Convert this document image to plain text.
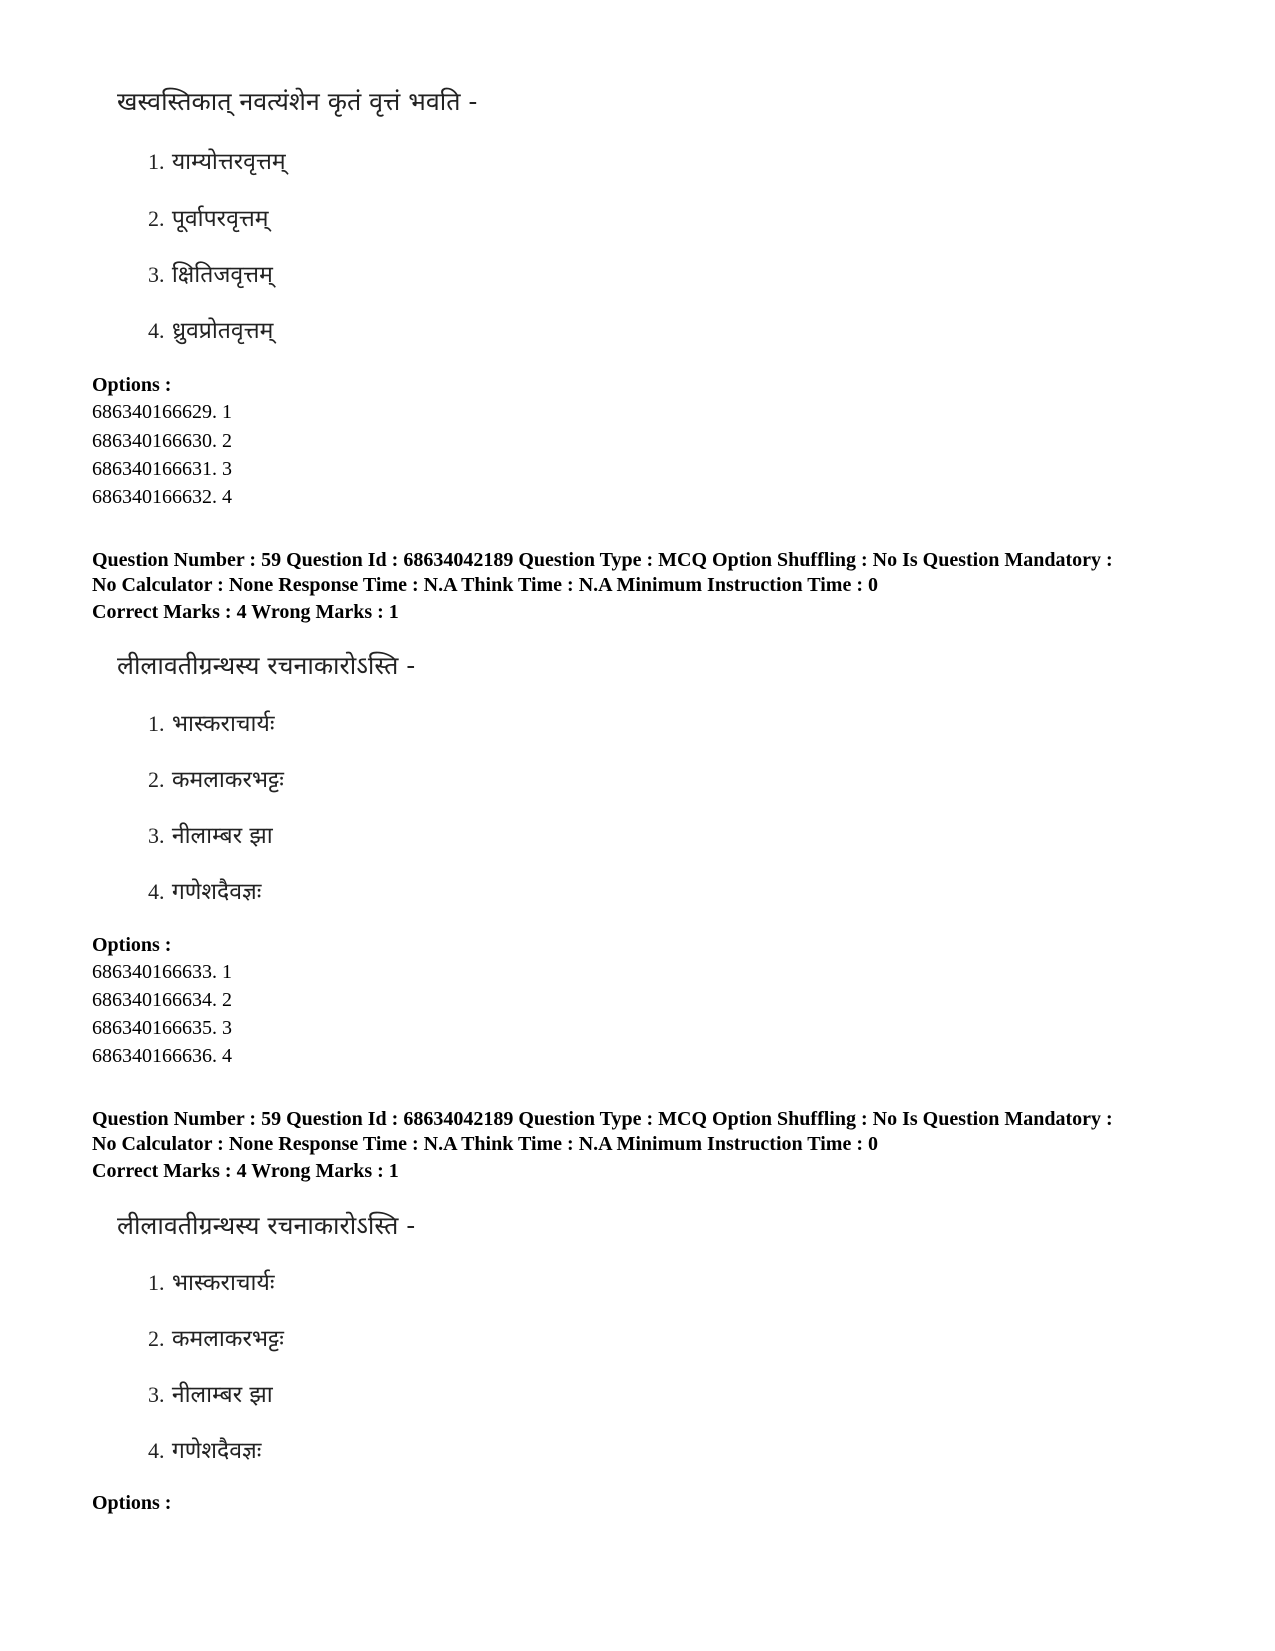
खस्वस्तिकात् नवत्यंशेन कृतं वृत्तं भवति -
1. याम्योत्तरवृत्तम्
2. पूर्वापरवृत्तम्
3. क्षितिजवृत्तम्
4. ध्रुवप्रोतवृत्तम्
Options :
686340166629. 1
686340166630. 2
686340166631. 3
686340166632. 4
Question Number : 59 Question Id : 68634042189 Question Type : MCQ Option Shuffling : No Is Question Mandatory :
No Calculator : None Response Time : N.A Think Time : N.A Minimum Instruction Time : 0
Correct Marks : 4 Wrong Marks : 1
लीलावतीग्रन्थस्य रचनाकारोऽस्ति -
1. भास्कराचार्यः
2. कमलाकरभट्टः
3. नीलाम्बर झा
4. गणेशदैवज्ञः
Options :
686340166633. 1
686340166634. 2
686340166635. 3
686340166636. 4
Question Number : 59 Question Id : 68634042189 Question Type : MCQ Option Shuffling : No Is Question Mandatory :
No Calculator : None Response Time : N.A Think Time : N.A Minimum Instruction Time : 0
Correct Marks : 4 Wrong Marks : 1
लीलावतीग्रन्थस्य रचनाकारोऽस्ति -
1. भास्कराचार्यः
2. कमलाकरभट्टः
3. नीलाम्बर झा
4. गणेशदैवज्ञः
Options :
